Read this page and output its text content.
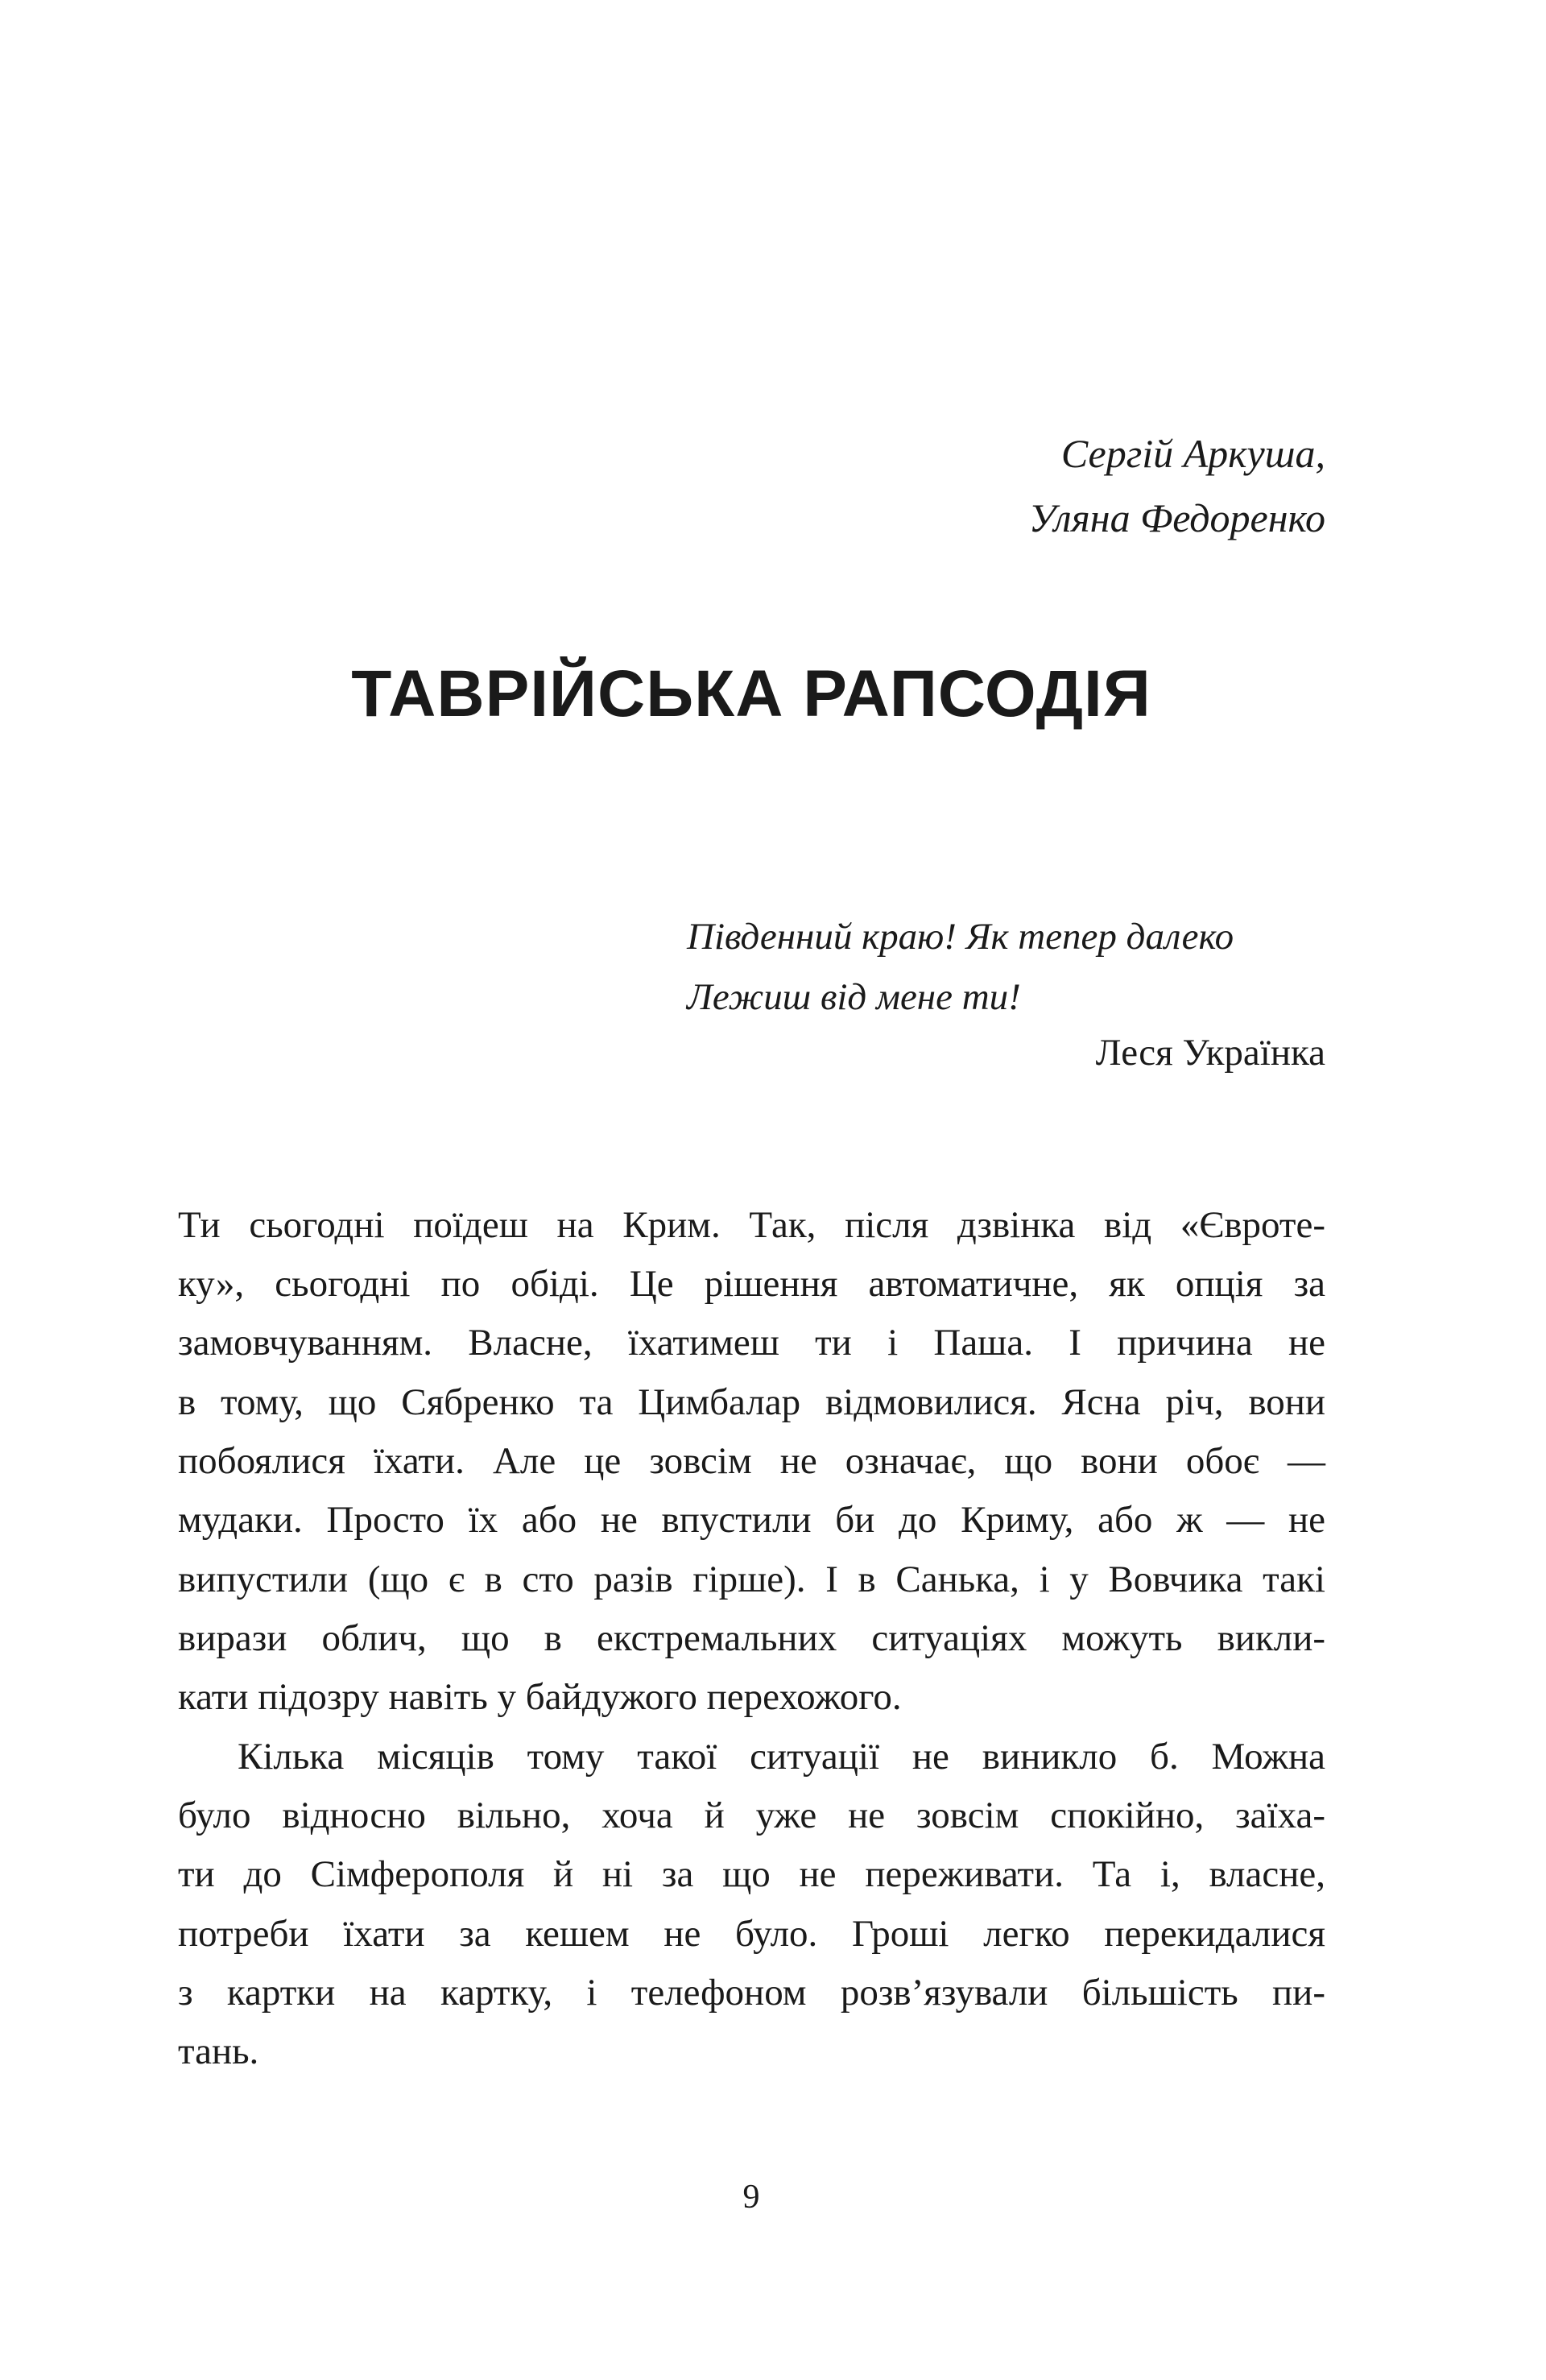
Сергій Аркуша,
Уляна Федоренко
ТАВРІЙСЬКА РАПСОДІЯ
Південний краю! Як тепер далеко
Лежиш від мене ти!
Леся Українка
Ти сьогодні поїдеш на Крим. Так, після дзвінка від «Євроте-
ку», сьогодні по обіді. Це рішення автоматичне, як опція за
замовчуванням. Власне, їхатимеш ти і Паша. І причина не
в тому, що Сябренко та Цимбалар відмовилися. Ясна річ, вони
побоялися їхати. Але це зовсім не означає, що вони обоє —
мудаки. Просто їх або не впустили би до Криму, або ж — не
випустили (що є в сто разів гірше). І в Санька, і у Вовчика такі
вирази облич, що в екстремальних ситуаціях можуть викли-
кати підозру навіть у байдужого перехожого.
Кілька місяців тому такої ситуації не виникло б. Можна
було відносно вільно, хоча й уже не зовсім спокійно, заїха-
ти до Сімферополя й ні за що не переживати. Та і, власне,
потреби їхати за кешем не було. Гроші легко перекидалися
з картки на картку, і телефоном розв’язували більшість пи-
тань.
9
